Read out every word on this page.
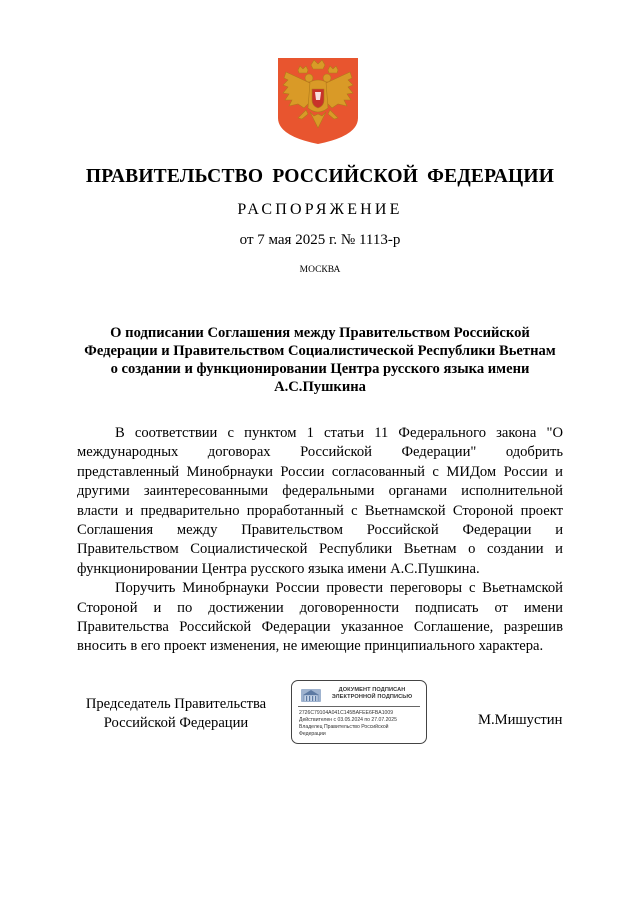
ПРАВИТЕЛЬСТВО РОССИЙСКОЙ ФЕДЕРАЦИИ
РАСПОРЯЖЕНИЕ
от 7 мая 2025 г. № 1113-р
МОСКВА
О подписании Соглашения между Правительством Российской
Федерации и Правительством Социалистической Республики Вьетнам
о создании и функционировании Центра русского языка имени
А.С.Пушкина

В соответствии с пунктом 1 статьи 11 Федерального закона "О международных договорах Российской Федерации" одобрить представленный Минобрнауки России согласованный с МИДом России и другими заинтересованными федеральными органами исполнительной власти и предварительно проработанный с Вьетнамской Стороной проект Соглашения между Правительством Российской Федерации и Правительством Социалистической Республики Вьетнам о создании и функционировании Центра русского языка имени А.С.Пушкина.

Поручить Минобрнауки России провести переговоры с Вьетнамской Стороной и по достижении договоренности подписать от имени Правительства Российской Федерации указанное Соглашение, разрешив вносить в его проект изменения, не имеющие принципиального характера.

Председатель Правительства
Российской Федерации
ДОКУМЕНТ ПОДПИСАН
ЭЛЕКТРОННОЙ ПОДПИСЬЮ
2726C79104A041C145BAFEE6FBA1009
Действителен с 03.05.2024 по 27.07.2025
Владелец Правительство Российской
Федерации
М.Мишустин
